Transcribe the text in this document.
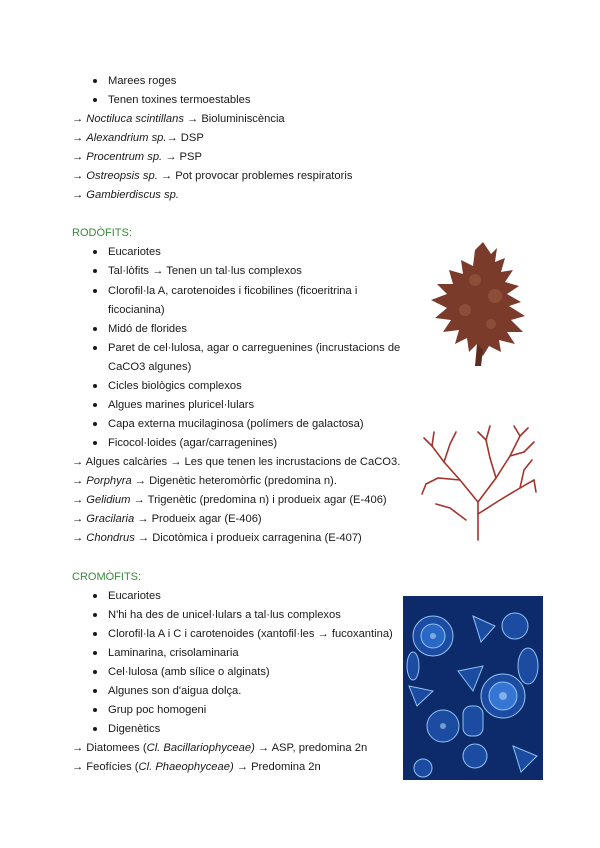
Marees roges
Tenen toxines termoestables
→ Noctiluca scintillans → Bioluminiscència
→ Alexandrium sp.→ DSP
→ Procentrum sp. → PSP
→ Ostreopsis sp. → Pot provocar problemes respiratoris
→ Gambierdiscus sp.
RODÒFITS:
Eucariotes
Tal·lòfits → Tenen un tal·lus complexos
Clorofil·la A, carotenoides i ficobilines (ficoeritrina i
ficocianina)
Midó de florides
Paret de cel·lulosa, agar o carreguenines (incrustacions de
CaCO3 algunes)
Cicles biològics complexos
Algues marines pluricel·lulars
Capa externa mucilaginosa (polímers de galactosa)
Ficocol·loides (agar/carragenines)
→ Algues calcàries → Les que tenen les incrustacions de CaCO3.
→ Porphyra → Digenètic heteromòrfic (predomina n).
→ Gelidium → Trigenètic (predomina n) i produeix agar (E-406)
→ Gracilaria → Produeix agar (E-406)
→ Chondrus → Dicotòmica i produeix carragenina (E-407)
CROMÒFITS:
Eucariotes
N'hi ha des de unicel·lulars a tal·lus complexos
Clorofil·la A i C i carotenoides (xantofil·les → fucoxantina)
Laminarina, crisolaminaria
Cel·lulosa (amb sílice o alginats)
Algunes son d'aigua dolça.
Grup poc homogeni
Digenètics
→ Diatomees (Cl. Bacillariophyceae) → ASP, predomina 2n
→ Feofícies (Cl. Phaeophyceae) → Predomina 2n
